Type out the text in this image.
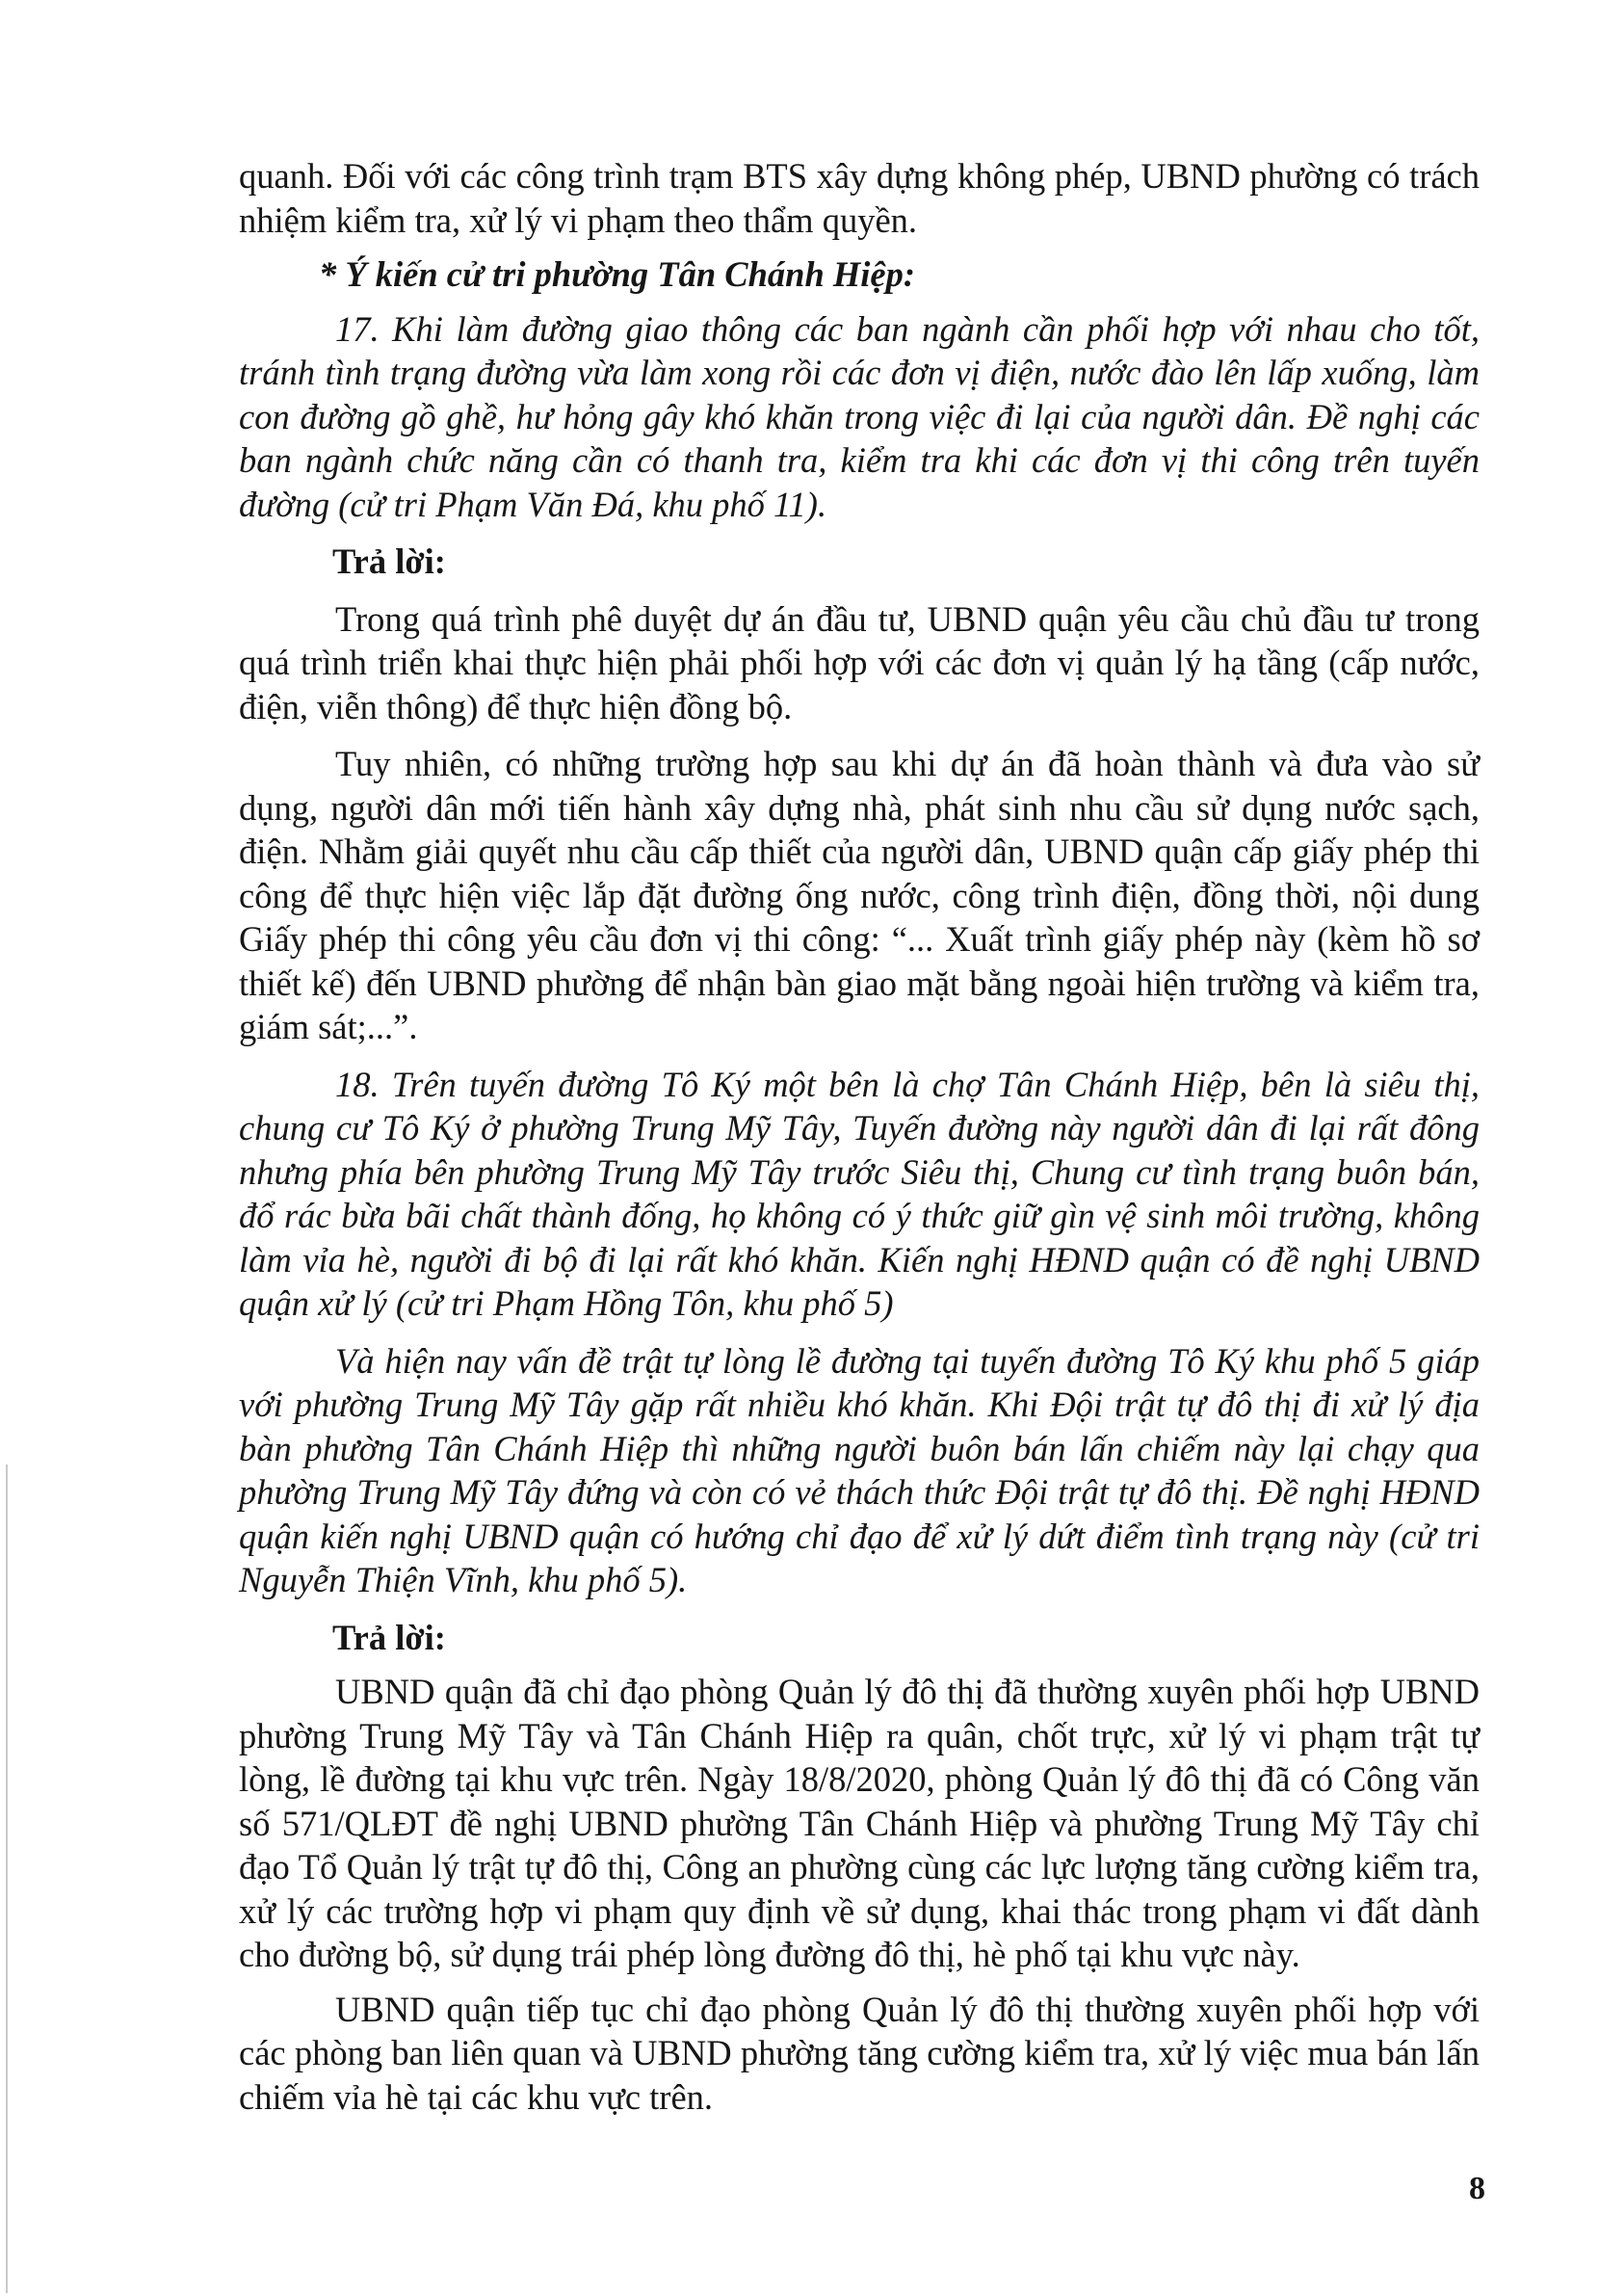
quanh. Đối với các công trình trạm BTS xây dựng không phép, UBND phường có trách nhiệm kiểm tra, xử lý vi phạm theo thẩm quyền.

* Ý kiến cử tri phường Tân Chánh Hiệp:

17. Khi làm đường giao thông các ban ngành cần phối hợp với nhau cho tốt, tránh tình trạng đường vừa làm xong rồi các đơn vị điện, nước đào lên lấp xuống, làm con đường gồ ghề, hư hỏng gây khó khăn trong việc đi lại của người dân. Đề nghị các ban ngành chức năng cần có thanh tra, kiểm tra khi các đơn vị thi công trên tuyến đường (cử tri Phạm Văn Đá, khu phố 11).

Trả lời:

Trong quá trình phê duyệt dự án đầu tư, UBND quận yêu cầu chủ đầu tư trong quá trình triển khai thực hiện phải phối hợp với các đơn vị quản lý hạ tầng (cấp nước, điện, viễn thông) để thực hiện đồng bộ.

Tuy nhiên, có những trường hợp sau khi dự án đã hoàn thành và đưa vào sử dụng, người dân mới tiến hành xây dựng nhà, phát sinh nhu cầu sử dụng nước sạch, điện. Nhằm giải quyết nhu cầu cấp thiết của người dân, UBND quận cấp giấy phép thi công để thực hiện việc lắp đặt đường ống nước, công trình điện, đồng thời, nội dung Giấy phép thi công yêu cầu đơn vị thi công: “... Xuất trình giấy phép này (kèm hồ sơ thiết kế) đến UBND phường để nhận bàn giao mặt bằng ngoài hiện trường và kiểm tra, giám sát;...”.

18. Trên tuyến đường Tô Ký một bên là chợ Tân Chánh Hiệp, bên là siêu thị, chung cư Tô Ký ở phường Trung Mỹ Tây, Tuyến đường này người dân đi lại rất đông nhưng phía bên phường Trung Mỹ Tây trước Siêu thị, Chung cư tình trạng buôn bán, đổ rác bừa bãi chất thành đống, họ không có ý thức giữ gìn vệ sinh môi trường, không làm vỉa hè, người đi bộ đi lại rất khó khăn. Kiến nghị HĐND quận có đề nghị UBND quận xử lý (cử tri Phạm Hồng Tôn, khu phố 5)

Và hiện nay vấn đề trật tự lòng lề đường tại tuyến đường Tô Ký khu phố 5 giáp với phường Trung Mỹ Tây gặp rất nhiều khó khăn. Khi Đội trật tự đô thị đi xử lý địa bàn phường Tân Chánh Hiệp thì những người buôn bán lấn chiếm này lại chạy qua phường Trung Mỹ Tây đứng và còn có vẻ thách thức Đội trật tự đô thị. Đề nghị HĐND quận kiến nghị UBND quận có hướng chỉ đạo để xử lý dứt điểm tình trạng này (cử tri Nguyễn Thiện Vĩnh, khu phố 5).

Trả lời:

UBND quận đã chỉ đạo phòng Quản lý đô thị đã thường xuyên phối hợp UBND phường Trung Mỹ Tây và Tân Chánh Hiệp ra quân, chốt trực, xử lý vi phạm trật tự lòng, lề đường tại khu vực trên. Ngày 18/8/2020, phòng Quản lý đô thị đã có Công văn số 571/QLĐT đề nghị UBND phường Tân Chánh Hiệp và phường Trung Mỹ Tây chỉ đạo Tổ Quản lý trật tự đô thị, Công an phường cùng các lực lượng tăng cường kiểm tra, xử lý các trường hợp vi phạm quy định về sử dụng, khai thác trong phạm vi đất dành cho đường bộ, sử dụng trái phép lòng đường đô thị, hè phố tại khu vực này.

UBND quận tiếp tục chỉ đạo phòng Quản lý đô thị thường xuyên phối hợp với các phòng ban liên quan và UBND phường tăng cường kiểm tra, xử lý việc mua bán lấn chiếm vỉa hè tại các khu vực trên.

8
